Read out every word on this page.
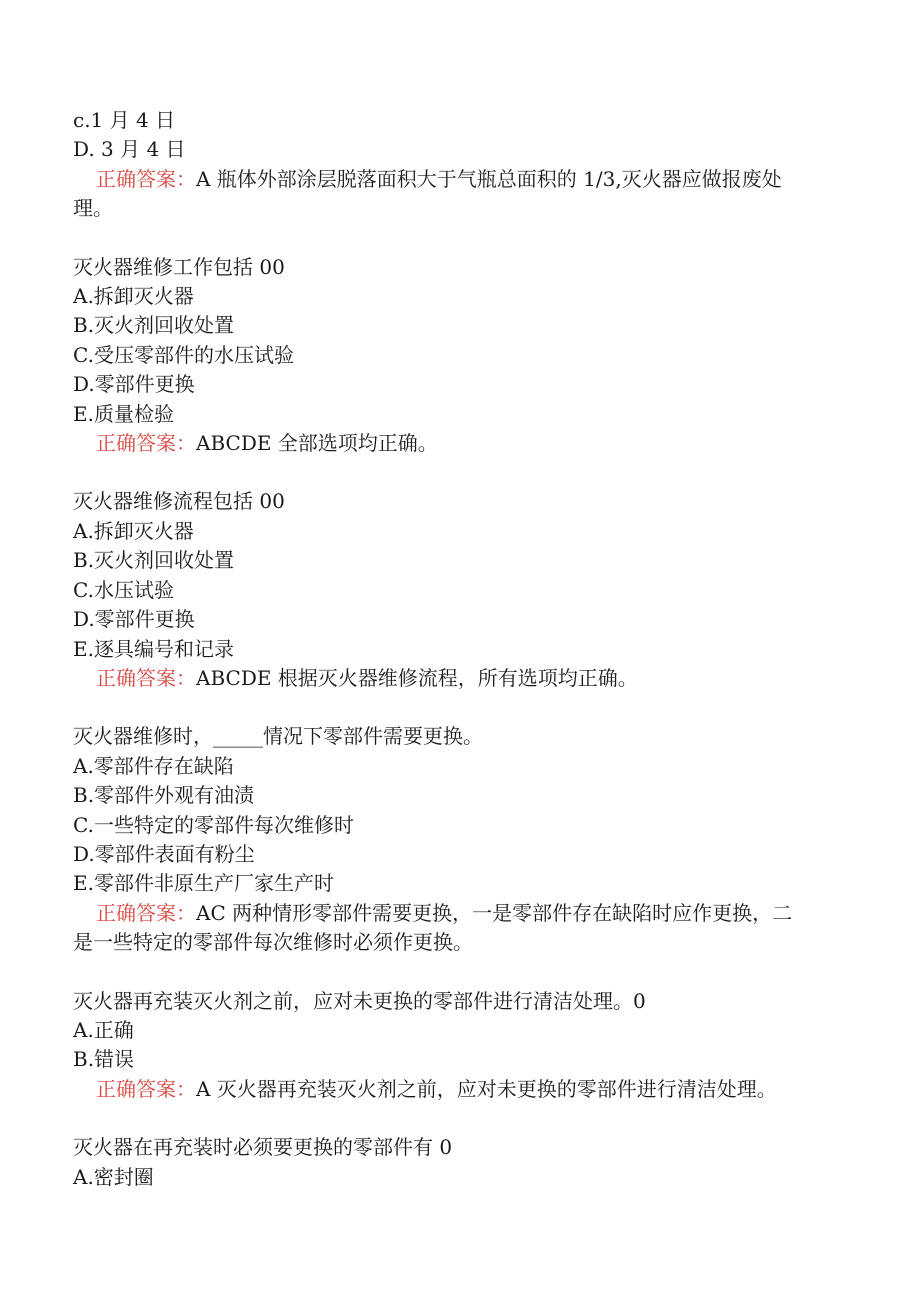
c.1 月 4 日
D. 3 月 4 日
正确答案：A 瓶体外部涂层脱落面积大于气瓶总面积的 1/3,灭火器应做报废处
理。
灭火器维修工作包括 00
A.拆卸灭火器
B.灭火剂回收处置
C.受压零部件的水压试验
D.零部件更换
E.质量检验
正确答案：ABCDE 全部选项均正确。
灭火器维修流程包括 00
A.拆卸灭火器
B.灭火剂回收处置
C.水压试验
D.零部件更换
E.逐具编号和记录
正确答案：ABCDE 根据灭火器维修流程，所有选项均正确。
灭火器维修时，_____情况下零部件需要更换。
A.零部件存在缺陷
B.零部件外观有油渍
C.一些特定的零部件每次维修时
D.零部件表面有粉尘
E.零部件非原生产厂家生产时
正确答案：AC 两种情形零部件需要更换，一是零部件存在缺陷时应作更换，二
是一些特定的零部件每次维修时必须作更换。
灭火器再充装灭火剂之前，应对未更换的零部件进行清洁处理。0
A.正确
B.错误
正确答案：A 灭火器再充装灭火剂之前，应对未更换的零部件进行清洁处理。
灭火器在再充装时必须要更换的零部件有 0
A.密封圈
